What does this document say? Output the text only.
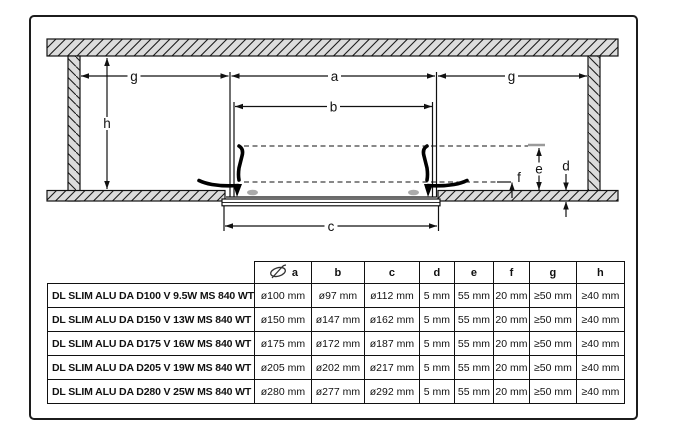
g	a	g
b
c
h
e
f
d
	a	b	c	d	e	f	g	h
DL SLIM ALU DA D100 V 9.5W MS 840 WT	ø100 mm	ø97 mm	ø112 mm	5 mm	55 mm	20 mm	≥50 mm	≥40 mm
DL SLIM ALU DA D150 V 13W MS 840 WT	ø150 mm	ø147 mm	ø162 mm	5 mm	55 mm	20 mm	≥50 mm	≥40 mm
DL SLIM ALU DA D175 V 16W MS 840 WT	ø175 mm	ø172 mm	ø187 mm	5 mm	55 mm	20 mm	≥50 mm	≥40 mm
DL SLIM ALU DA D205 V 19W MS 840 WT	ø205 mm	ø202 mm	ø217 mm	5 mm	55 mm	20 mm	≥50 mm	≥40 mm
DL SLIM ALU DA D280 V 25W MS 840 WT	ø280 mm	ø277 mm	ø292 mm	5 mm	55 mm	20 mm	≥50 mm	≥40 mm
